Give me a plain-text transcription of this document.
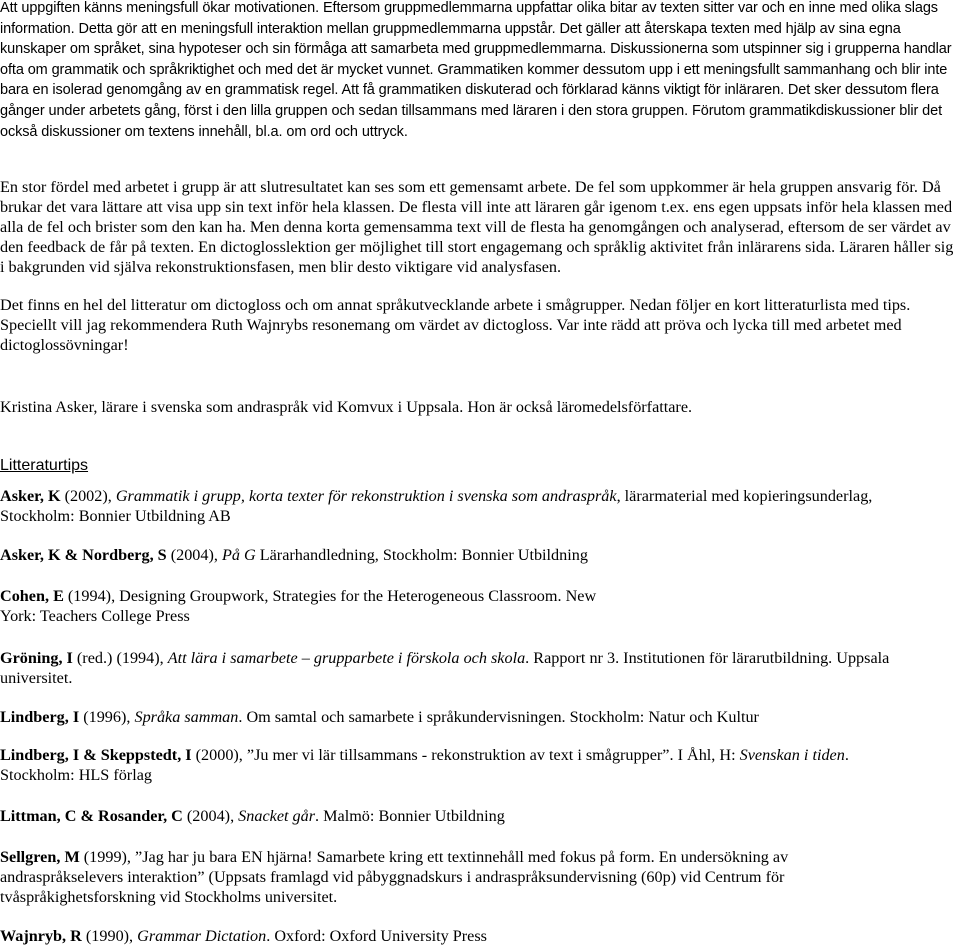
Att uppgiften känns meningsfull ökar motivationen. Eftersom gruppmedlemmarna uppfattar olika bitar av texten sitter var och en inne med olika slags information. Detta gör att en meningsfull interaktion mellan gruppmedlemmarna uppstår. Det gäller att återskapa texten med hjälp av sina egna kunskaper om språket, sina hypoteser och sin förmåga att samarbeta med gruppmedlemmarna. Diskussionerna som utspinner sig i grupperna handlar ofta om grammatik och språkriktighet och med det är mycket vunnet. Grammatiken kommer dessutom upp i ett meningsfullt sammanhang och blir inte bara en isolerad genomgång av en grammatisk regel. Att få grammatiken diskuterad och förklarad känns viktigt för inläraren. Det sker dessutom flera gånger under arbetets gång, först i den lilla gruppen och sedan tillsammans med läraren i den stora gruppen. Förutom grammatikdiskussioner blir det också diskussioner om textens innehåll, bl.a. om ord och uttryck.

En stor fördel med arbetet i grupp är att slutresultatet kan ses som ett gemensamt arbete. De fel som uppkommer är hela gruppen ansvarig för. Då brukar det vara lättare att visa upp sin text inför hela klassen. De flesta vill inte att läraren går igenom t.ex. ens egen uppsats inför hela klassen med alla de fel och brister som den kan ha. Men denna korta gemensamma text vill de flesta ha genomgången och analyserad, eftersom de ser värdet av den feedback de får på texten. En dictoglosslektion ger möjlighet till stort engagemang och språklig aktivitet från inlärarens sida. Läraren håller sig i bakgrunden vid själva rekonstruktionsfasen, men blir desto viktigare vid analysfasen.

Det finns en hel del litteratur om dictogloss och om annat språkutvecklande arbete i smågrupper. Nedan följer en kort litteraturlista med tips. Speciellt vill jag rekommendera Ruth Wajnrybs resonemang om värdet av dictogloss. Var inte rädd att pröva och lycka till med arbetet med dictoglossövningar!

Kristina Asker, lärare i svenska som andraspråk vid Komvux i Uppsala. Hon är också läromedelsförfattare.

Litteraturtips

Asker, K (2002), Grammatik i grupp, korta texter för rekonstruktion i svenska som andraspråk, lärarmaterial med kopieringsunderlag,
Stockholm: Bonnier Utbildning AB

Asker, K & Nordberg, S (2004), På G Lärarhandledning, Stockholm: Bonnier Utbildning

Cohen, E (1994), Designing Groupwork, Strategies for the Heterogeneous Classroom. New
York: Teachers College Press

Gröning, I (red.) (1994), Att lära i samarbete – grupparbete i förskola och skola. Rapport nr 3. Institutionen för lärarutbildning. Uppsala
universitet.

Lindberg, I (1996), Språka samman. Om samtal och samarbete i språkundervisningen. Stockholm: Natur och Kultur

Lindberg, I & Skeppstedt, I (2000), ”Ju mer vi lär tillsammans - rekonstruktion av text i smågrupper”. I Åhl, H: Svenskan i tiden.
Stockholm: HLS förlag

Littman, C & Rosander, C (2004), Snacket går. Malmö: Bonnier Utbildning

Sellgren, M (1999), ”Jag har ju bara EN hjärna! Samarbete kring ett textinnehåll med fokus på form. En undersökning av
andraspråkselevers interaktion” (Uppsats framlagd vid påbyggnadskurs i andraspråksundervisning (60p) vid Centrum för
tvåspråkighetsforskning vid Stockholms universitet.

Wajnryb, R (1990), Grammar Dictation. Oxford: Oxford University Press
